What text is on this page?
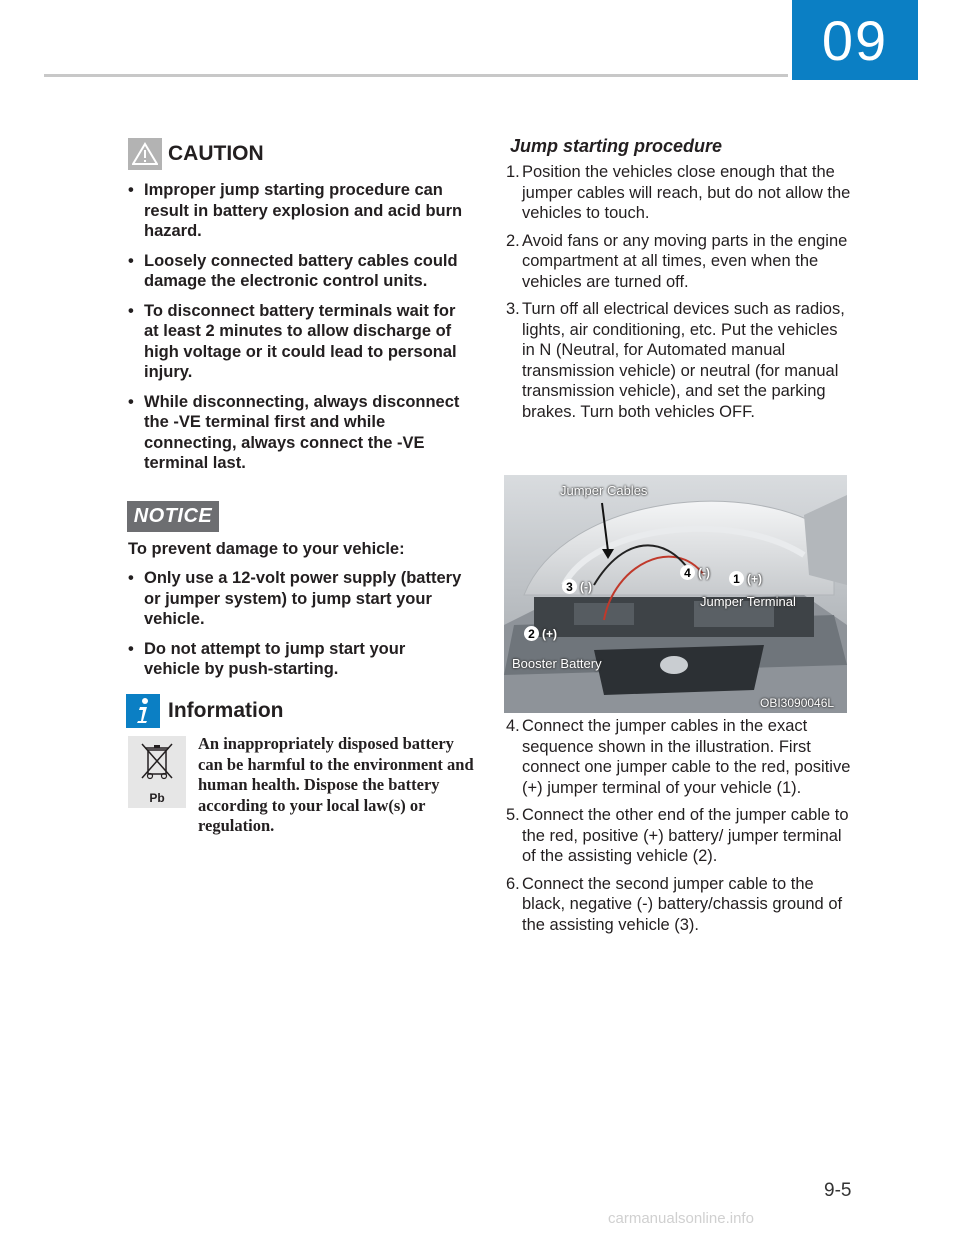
09
CAUTION
• Improper jump starting procedure can result in battery explosion and acid burn hazard.
• Loosely connected battery cables could damage the electronic control units.
• To disconnect battery terminals wait for at least 2 minutes to allow discharge of high voltage or it could lead to personal injury.
• While disconnecting, always disconnect the -VE terminal first and while connecting, always connect the -VE terminal last.
NOTICE
To prevent damage to your vehicle:
• Only use a 12-volt power supply (battery or jumper system) to jump start your vehicle.
• Do not attempt to jump start your vehicle by push-starting.
Information
Pb
An inappropriately disposed battery can be harmful to the environment and human health. Dispose the battery according to your local law(s) or regulation.
Jump starting procedure
1. Position the vehicles close enough that the jumper cables will reach, but do not allow the vehicles to touch.
2. Avoid fans or any moving parts in the engine compartment at all times, even when the vehicles are turned off.
3. Turn off all electrical devices such as radios, lights, air conditioning, etc. Put the vehicles in N (Neutral, for Automated manual transmission vehicle) or neutral (for manual transmission vehicle), and set the parking brakes. Turn both vehicles OFF.
Jumper Cables
Jumper Terminal
Booster Battery
OBI3090046L
1 (+)
2 (+)
3 (-)
4 (-)
4. Connect the jumper cables in the exact sequence shown in the illustration. First connect one jumper cable to the red, positive (+) jumper terminal of your vehicle (1).
5. Connect the other end of the jumper cable to the red, positive (+) battery/ jumper terminal of the assisting vehicle (2).
6. Connect the second jumper cable to the black, negative (-) battery/chassis ground of the assisting vehicle (3).
9-5
carmanualsonline.info
